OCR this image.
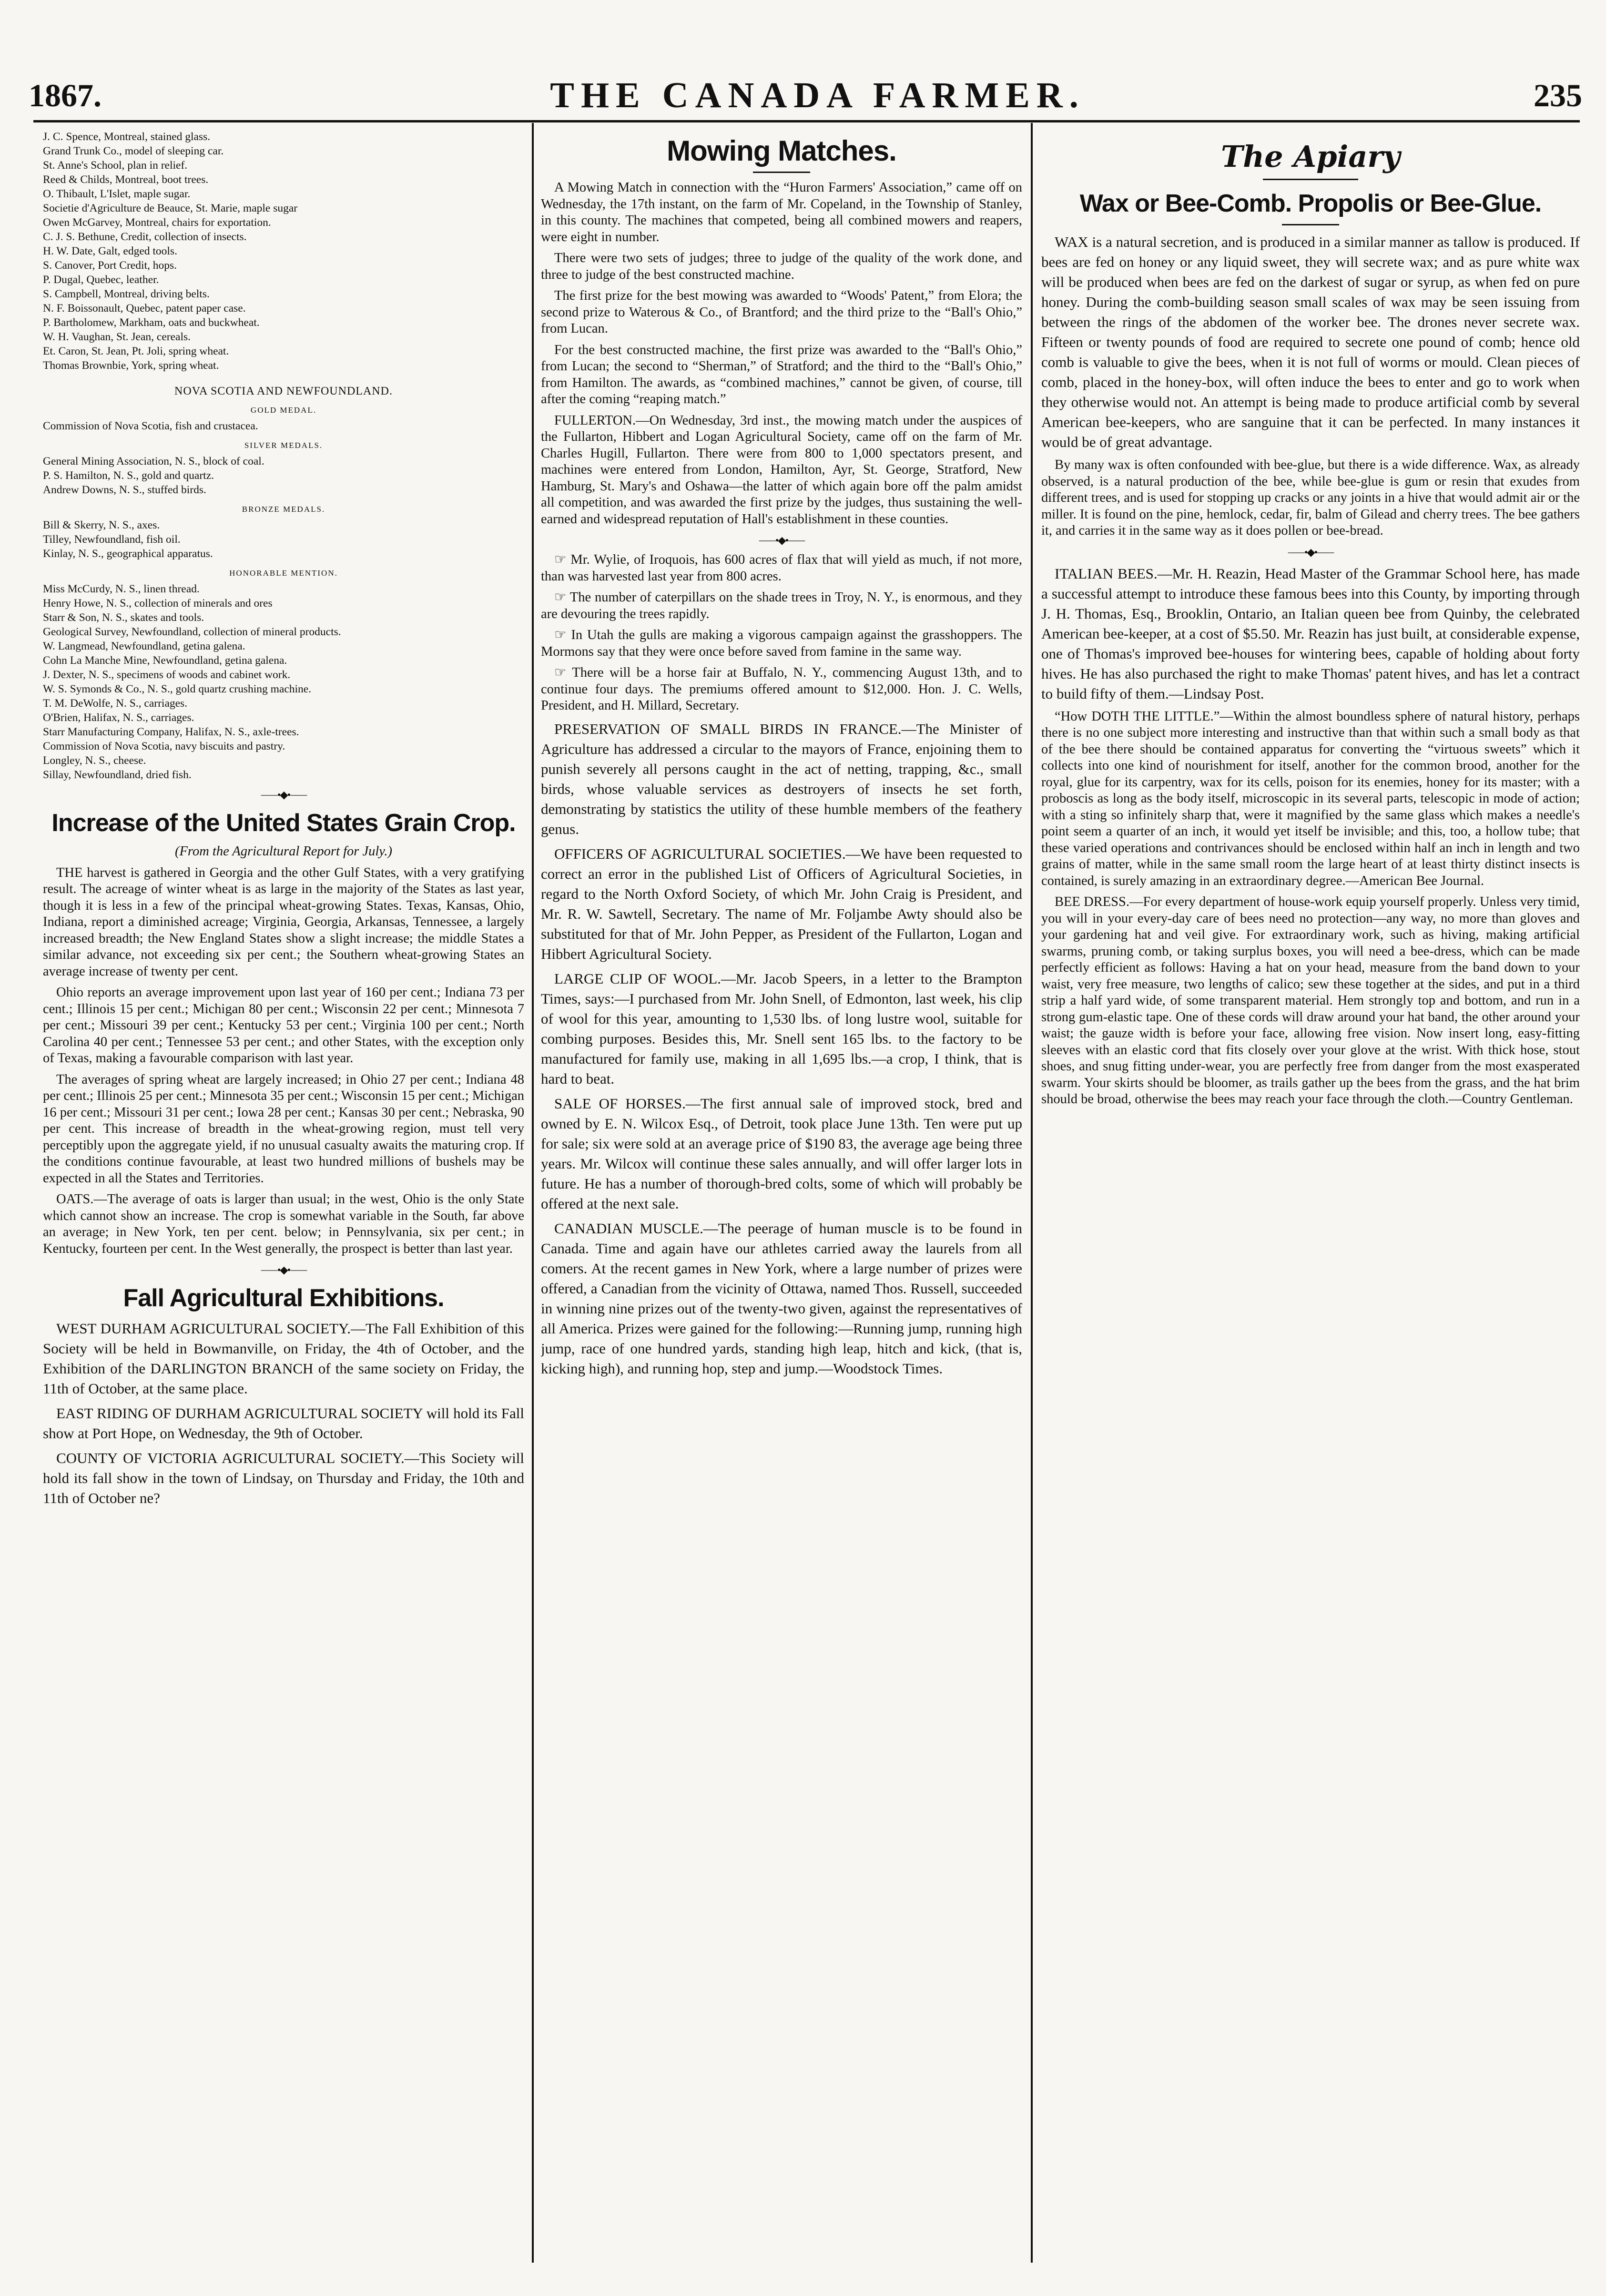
1867.	THE CANADA FARMER.	235
J. C. Spence, Montreal, stained glass.
Grand Trunk Co., model of sleeping car.
St. Anne's School, plan in relief.
Reed & Childs, Montreal, boot trees.
O. Thibault, L'Islet, maple sugar.
Societie d'Agriculture de Beauce, St. Marie, maple sugar
Owen McGarvey, Montreal, chairs for exportation.
C. J. S. Bethune, Credit, collection of insects.
H. W. Date, Galt, edged tools.
S. Canover, Port Credit, hops.
P. Dugal, Quebec, leather.
S. Campbell, Montreal, driving belts.
N. F. Boissonault, Quebec, patent paper case.
P. Bartholomew, Markham, oats and buckwheat.
W. H. Vaughan, St. Jean, cereals.
Et. Caron, St. Jean, Pt. Joli, spring wheat.
Thomas Brownbie, York, spring wheat.
NOVA SCOTIA AND NEWFOUNDLAND.
GOLD MEDAL.
Commission of Nova Scotia, fish and crustacea.
SILVER MEDALS.
General Mining Association, N. S., block of coal.
P. S. Hamilton, N. S., gold and quartz.
Andrew Downs, N. S., stuffed birds.
BRONZE MEDALS.
Bill & Skerry, N. S., axes.
Tilley, Newfoundland, fish oil.
Kinlay, N. S., geographical apparatus.
HONORABLE MENTION.
Miss McCurdy, N. S., linen thread.
Henry Howe, N. S., collection of minerals and ores
Starr & Son, N. S., skates and tools.
Geological Survey, Newfoundland, collection of mineral products.
W. Langmead, Newfoundland, getina galena.
Cohn La Manche Mine, Newfoundland, getina galena.
J. Dexter, N. S., specimens of woods and cabinet work.
W. S. Symonds & Co., N. S., gold quartz crushing machine.
T. M. DeWolfe, N. S., carriages.
O'Brien, Halifax, N. S., carriages.
Starr Manufacturing Company, Halifax, N. S., axle-trees.
Commission of Nova Scotia, navy biscuits and pastry.
Longley, N. S., cheese.
Sillay, Newfoundland, dried fish.
⸺•◆•⸺
Increase of the United States Grain Crop.

(From the Agricultural Report for July.)

THE harvest is gathered in Georgia and the other Gulf States, with a very gratifying result. The acreage of winter wheat is as large in the majority of the States as last year, though it is less in a few of the principal wheat-growing States. Texas, Kansas, Ohio, Indiana, report a diminished acreage; Virginia, Georgia, Arkansas, Tennessee, a largely increased breadth; the New England States show a slight increase; the middle States a similar advance, not exceeding six per cent.; the Southern wheat-growing States an average increase of twenty per cent.

Ohio reports an average improvement upon last year of 160 per cent.; Indiana 73 per cent.; Illinois 15 per cent.; Michigan 80 per cent.; Wisconsin 22 per cent.; Minnesota 7 per cent.; Missouri 39 per cent.; Kentucky 53 per cent.; Virginia 100 per cent.; North Carolina 40 per cent.; Tennessee 53 per cent.; and other States, with the exception only of Texas, making a favourable comparison with last year.

The averages of spring wheat are largely increased; in Ohio 27 per cent.; Indiana 48 per cent.; Illinois 25 per cent.; Minnesota 35 per cent.; Wisconsin 15 per cent.; Michigan 16 per cent.; Missouri 31 per cent.; Iowa 28 per cent.; Kansas 30 per cent.; Nebraska, 90 per cent. This increase of breadth in the wheat-growing region, must tell very perceptibly upon the aggregate yield, if no unusual casualty awaits the maturing crop. If the conditions continue favourable, at least two hundred millions of bushels may be expected in all the States and Territories.

OATS.—The average of oats is larger than usual; in the west, Ohio is the only State which cannot show an increase. The crop is somewhat variable in the South, far above an average; in New York, ten per cent. below; in Pennsylvania, six per cent.; in Kentucky, fourteen per cent. In the West generally, the prospect is better than last year.

⸺•◆•⸺
Fall Agricultural Exhibitions.

WEST DURHAM AGRICULTURAL SOCIETY.—The Fall Exhibition of this Society will be held in Bowmanville, on Friday, the 4th of October, and the Exhibition of the DARLINGTON BRANCH of the same society on Friday, the 11th of October, at the same place.

EAST RIDING OF DURHAM AGRICULTURAL SOCIETY will hold its Fall show at Port Hope, on Wednesday, the 9th of October.

COUNTY OF VICTORIA AGRICULTURAL SOCIETY.—This Society will hold its fall show in the town of Lindsay, on Thursday and Friday, the 10th and 11th of October ne?

Mowing Matches.

A Mowing Match in connection with the “Huron Farmers' Association,” came off on Wednesday, the 17th instant, on the farm of Mr. Copeland, in the Township of Stanley, in this county. The machines that competed, being all combined mowers and reapers, were eight in number.

There were two sets of judges; three to judge of the quality of the work done, and three to judge of the best constructed machine.

The first prize for the best mowing was awarded to “Woods' Patent,” from Elora; the second prize to Waterous & Co., of Brantford; and the third prize to the “Ball's Ohio,” from Lucan.

For the best constructed machine, the first prize was awarded to the “Ball's Ohio,” from Lucan; the second to “Sherman,” of Stratford; and the third to the “Ball's Ohio,” from Hamilton. The awards, as “combined machines,” cannot be given, of course, till after the coming “reaping match.”

FULLERTON.—On Wednesday, 3rd inst., the mowing match under the auspices of the Fullarton, Hibbert and Logan Agricultural Society, came off on the farm of Mr. Charles Hugill, Fullarton. There were from 800 to 1,000 spectators present, and machines were entered from London, Hamilton, Ayr, St. George, Stratford, New Hamburg, St. Mary's and Oshawa—the latter of which again bore off the palm amidst all competition, and was awarded the first prize by the judges, thus sustaining the well-earned and widespread reputation of Hall's establishment in these counties.

⸺•◆•⸺

☞ Mr. Wylie, of Iroquois, has 600 acres of flax that will yield as much, if not more, than was harvested last year from 800 acres.

☞ The number of caterpillars on the shade trees in Troy, N. Y., is enormous, and they are devouring the trees rapidly.

☞ In Utah the gulls are making a vigorous campaign against the grasshoppers. The Mormons say that they were once before saved from famine in the same way.

☞ There will be a horse fair at Buffalo, N. Y., commencing August 13th, and to continue four days. The premiums offered amount to $12,000. Hon. J. C. Wells, President, and H. Millard, Secretary.

PRESERVATION OF SMALL BIRDS IN FRANCE.—The Minister of Agriculture has addressed a circular to the mayors of France, enjoining them to punish severely all persons caught in the act of netting, trapping, &c., small birds, whose valuable services as destroyers of insects he set forth, demonstrating by statistics the utility of these humble members of the feathery genus.

OFFICERS OF AGRICULTURAL SOCIETIES.—We have been requested to correct an error in the published List of Officers of Agricultural Societies, in regard to the North Oxford Society, of which Mr. John Craig is President, and Mr. R. W. Sawtell, Secretary. The name of Mr. Foljambe Awty should also be substituted for that of Mr. John Pepper, as President of the Fullarton, Logan and Hibbert Agricultural Society.

LARGE CLIP OF WOOL.—Mr. Jacob Speers, in a letter to the Brampton Times, says:—I purchased from Mr. John Snell, of Edmonton, last week, his clip of wool for this year, amounting to 1,530 lbs. of long lustre wool, suitable for combing purposes. Besides this, Mr. Snell sent 165 lbs. to the factory to be manufactured for family use, making in all 1,695 lbs.—a crop, I think, that is hard to beat.

SALE OF HORSES.—The first annual sale of improved stock, bred and owned by E. N. Wilcox Esq., of Detroit, took place June 13th. Ten were put up for sale; six were sold at an average price of $190 83, the average age being three years. Mr. Wilcox will continue these sales annually, and will offer larger lots in future. He has a number of thorough-bred colts, some of which will probably be offered at the next sale.

CANADIAN MUSCLE.—The peerage of human muscle is to be found in Canada. Time and again have our athletes carried away the laurels from all comers. At the recent games in New York, where a large number of prizes were offered, a Canadian from the vicinity of Ottawa, named Thos. Russell, succeeded in winning nine prizes out of the twenty-two given, against the representatives of all America. Prizes were gained for the following:—Running jump, running high jump, race of one hundred yards, standing high leap, hitch and kick, (that is, kicking high), and running hop, step and jump.—Woodstock Times.

The Apiary
Wax or Bee-Comb. Propolis or Bee-Glue.

WAX is a natural secretion, and is produced in a similar manner as tallow is produced. If bees are fed on honey or any liquid sweet, they will secrete wax; and as pure white wax will be produced when bees are fed on the darkest of sugar or syrup, as when fed on pure honey. During the comb-building season small scales of wax may be seen issuing from between the rings of the abdomen of the worker bee. The drones never secrete wax. Fifteen or twenty pounds of food are required to secrete one pound of comb; hence old comb is valuable to give the bees, when it is not full of worms or mould. Clean pieces of comb, placed in the honey-box, will often induce the bees to enter and go to work when they otherwise would not. An attempt is being made to produce artificial comb by several American bee-keepers, who are sanguine that it can be perfected. In many instances it would be of great advantage.

By many wax is often confounded with bee-glue, but there is a wide difference. Wax, as already observed, is a natural production of the bee, while bee-glue is gum or resin that exudes from different trees, and is used for stopping up cracks or any joints in a hive that would admit air or the miller. It is found on the pine, hemlock, cedar, fir, balm of Gilead and cherry trees. The bee gathers it, and carries it in the same way as it does pollen or bee-bread.

⸺•◆•⸺

ITALIAN BEES.—Mr. H. Reazin, Head Master of the Grammar School here, has made a successful attempt to introduce these famous bees into this County, by importing through J. H. Thomas, Esq., Brooklin, Ontario, an Italian queen bee from Quinby, the celebrated American bee-keeper, at a cost of $5.50. Mr. Reazin has just built, at considerable expense, one of Thomas's improved bee-houses for wintering bees, capable of holding about forty hives. He has also purchased the right to make Thomas' patent hives, and has let a contract to build fifty of them.—Lindsay Post.

“How DOTH THE LITTLE.”—Within the almost boundless sphere of natural history, perhaps there is no one subject more interesting and instructive than that within such a small body as that of the bee there should be contained apparatus for converting the “virtuous sweets” which it collects into one kind of nourishment for itself, another for the common brood, another for the royal, glue for its carpentry, wax for its cells, poison for its enemies, honey for its master; with a proboscis as long as the body itself, microscopic in its several parts, telescopic in mode of action; with a sting so infinitely sharp that, were it magnified by the same glass which makes a needle's point seem a quarter of an inch, it would yet itself be invisible; and this, too, a hollow tube; that these varied operations and contrivances should be enclosed within half an inch in length and two grains of matter, while in the same small room the large heart of at least thirty distinct insects is contained, is surely amazing in an extraordinary degree.—American Bee Journal.

BEE DRESS.—For every department of house-work equip yourself properly. Unless very timid, you will in your every-day care of bees need no protection—any way, no more than gloves and your gardening hat and veil give. For extraordinary work, such as hiving, making artificial swarms, pruning comb, or taking surplus boxes, you will need a bee-dress, which can be made perfectly efficient as follows: Having a hat on your head, measure from the band down to your waist, very free measure, two lengths of calico; sew these together at the sides, and put in a third strip a half yard wide, of some transparent material. Hem strongly top and bottom, and run in a strong gum-elastic tape. One of these cords will draw around your hat band, the other around your waist; the gauze width is before your face, allowing free vision. Now insert long, easy-fitting sleeves with an elastic cord that fits closely over your glove at the wrist. With thick hose, stout shoes, and snug fitting under-wear, you are perfectly free from danger from the most exasperated swarm. Your skirts should be bloomer, as trails gather up the bees from the grass, and the hat brim should be broad, otherwise the bees may reach your face through the cloth.—Country Gentleman.
